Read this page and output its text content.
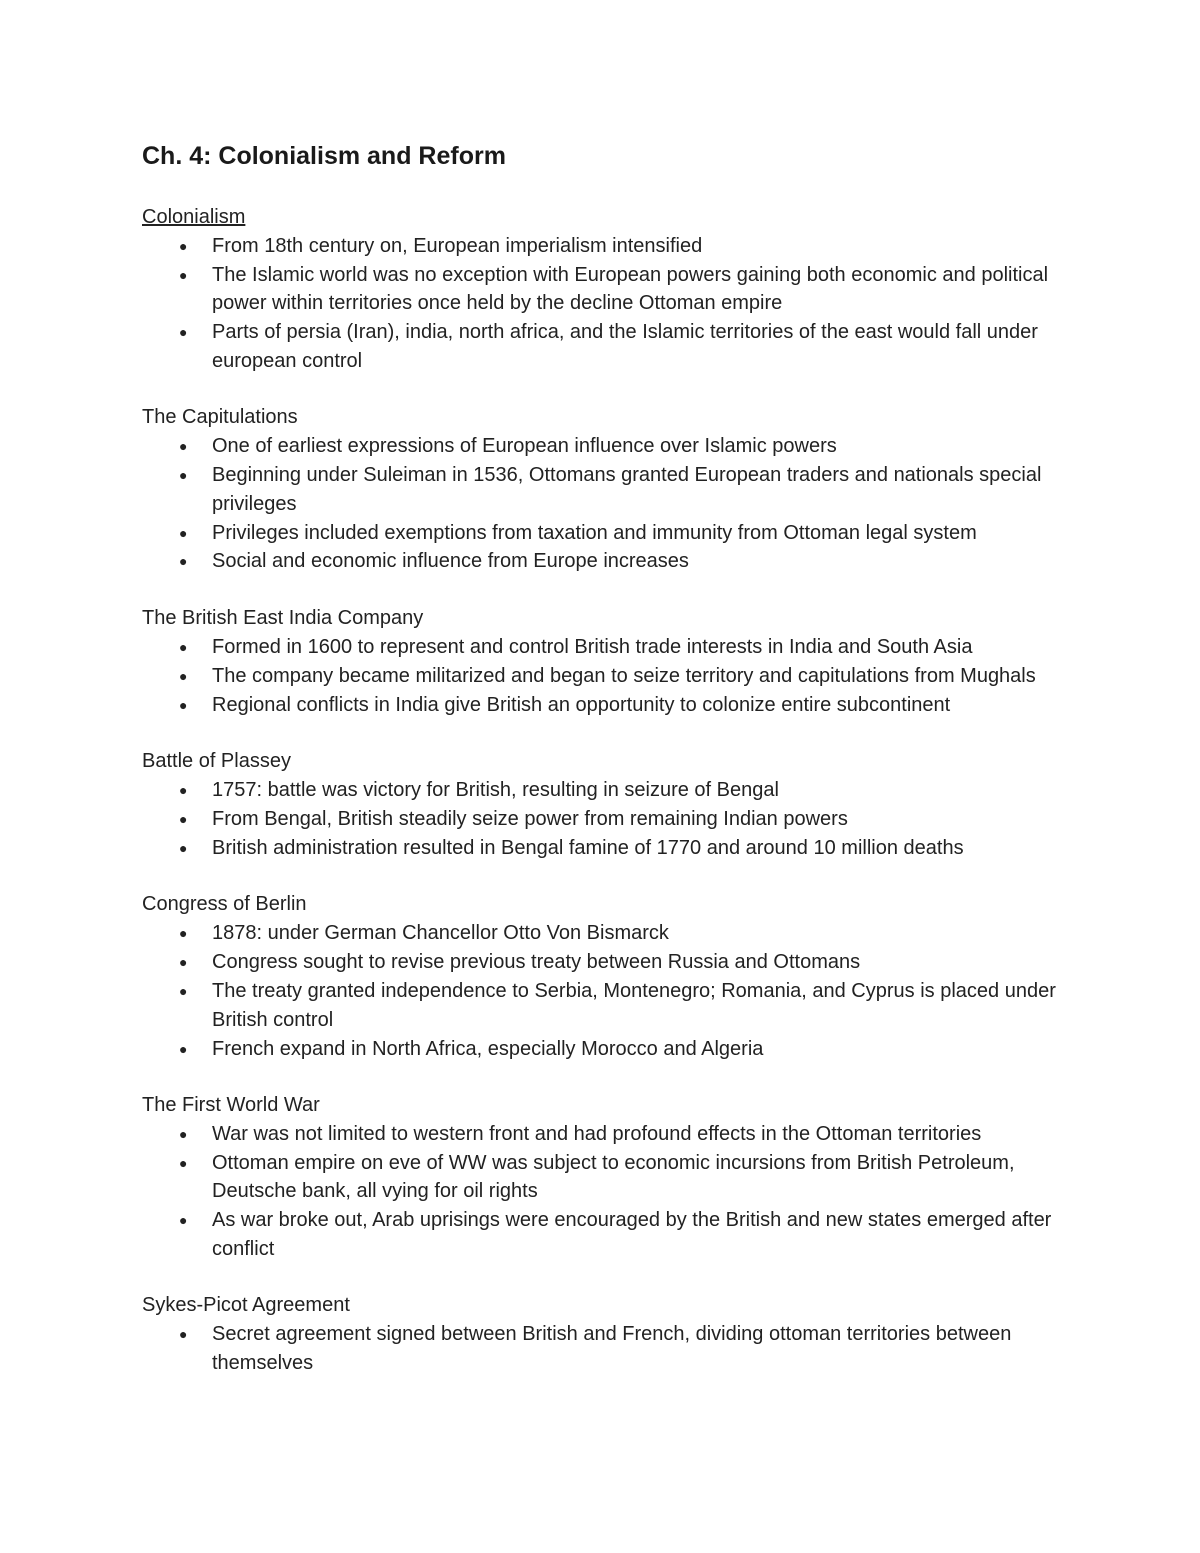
Ch. 4: Colonialism and Reform

Colonialism

● From 18th century on, European imperialism intensified
● The Islamic world was no exception with European powers gaining both economic and political power within territories once held by the decline Ottoman empire
● Parts of persia (Iran), india, north africa, and the Islamic territories of the east would fall under european control

The Capitulations

● One of earliest expressions of European influence over Islamic powers
● Beginning under Suleiman in 1536, Ottomans granted European traders and nationals special privileges
● Privileges included exemptions from taxation and immunity from Ottoman legal system
● Social and economic influence from Europe increases

The British East India Company

● Formed in 1600 to represent and control British trade interests in India and South Asia
● The company became militarized and began to seize territory and capitulations from Mughals
● Regional conflicts in India give British an opportunity to colonize entire subcontinent

Battle of Plassey

● 1757: battle was victory for British, resulting in seizure of Bengal
● From Bengal, British steadily seize power from remaining Indian powers
● British administration resulted in Bengal famine of 1770 and around 10 million deaths

Congress of Berlin

● 1878: under German Chancellor Otto Von Bismarck
● Congress sought to revise previous treaty between Russia and Ottomans
● The treaty granted independence to Serbia, Montenegro; Romania, and Cyprus is placed under British control
● French expand in North Africa, especially Morocco and Algeria

The First World War

● War was not limited to western front and had profound effects in the Ottoman territories
● Ottoman empire on eve of WW was subject to economic incursions from British Petroleum, Deutsche bank, all vying for oil rights
● As war broke out, Arab uprisings were encouraged by the British and new states emerged after conflict

Sykes-Picot Agreement

● Secret agreement signed between British and French, dividing ottoman territories between themselves
